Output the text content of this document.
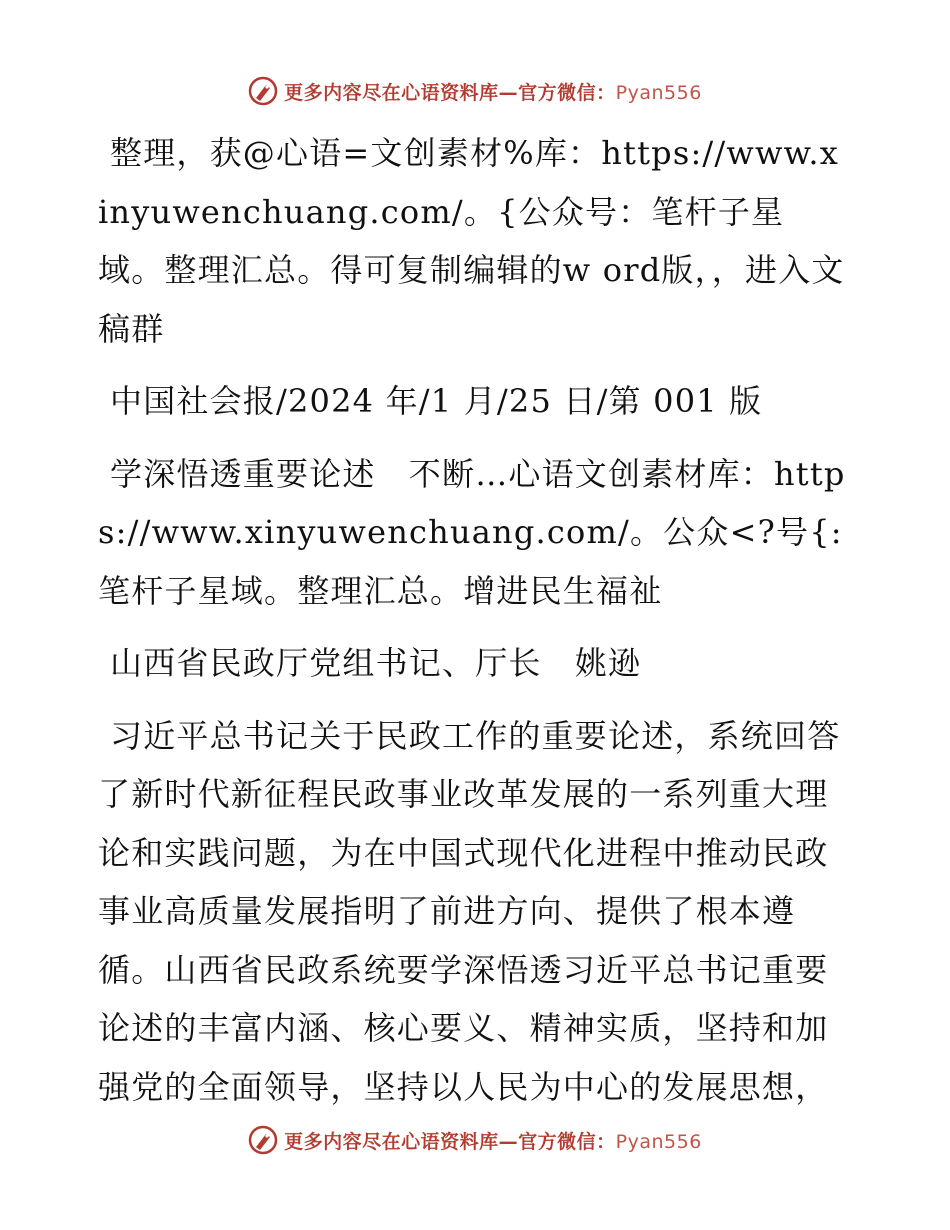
更多内容尽在心语资料库—官方微信：Pyan556

整理，获@心语=文创素材%库：https://www.xinyuwenchuang.com/。{公众号：笔杆子星域。整理汇总。得可复制编辑的w ord版，，进入文稿群

中国社会报/2024 年/1 月/25 日/第 001 版

学深悟透重要论述　不断…心语文创素材库：https://www.xinyuwenchuang.com/。公众<?号{:笔杆子星域。整理汇总。增进民生福祉

山西省民政厅党组书记、厅长　姚逊

习近平总书记关于民政工作的重要论述，系统回答了新时代新征程民政事业改革发展的一系列重大理论和实践问题，为在中国式现代化进程中推动民政事业高质量发展指明了前进方向、提供了根本遵循。山西省民政系统要学深悟透习近平总书记重要论述的丰富内涵、核心要义、精神实质，坚持和加强党的全面领导，坚持以人民为中心的发展思想，

更多内容尽在心语资料库—官方微信：Pyan556
